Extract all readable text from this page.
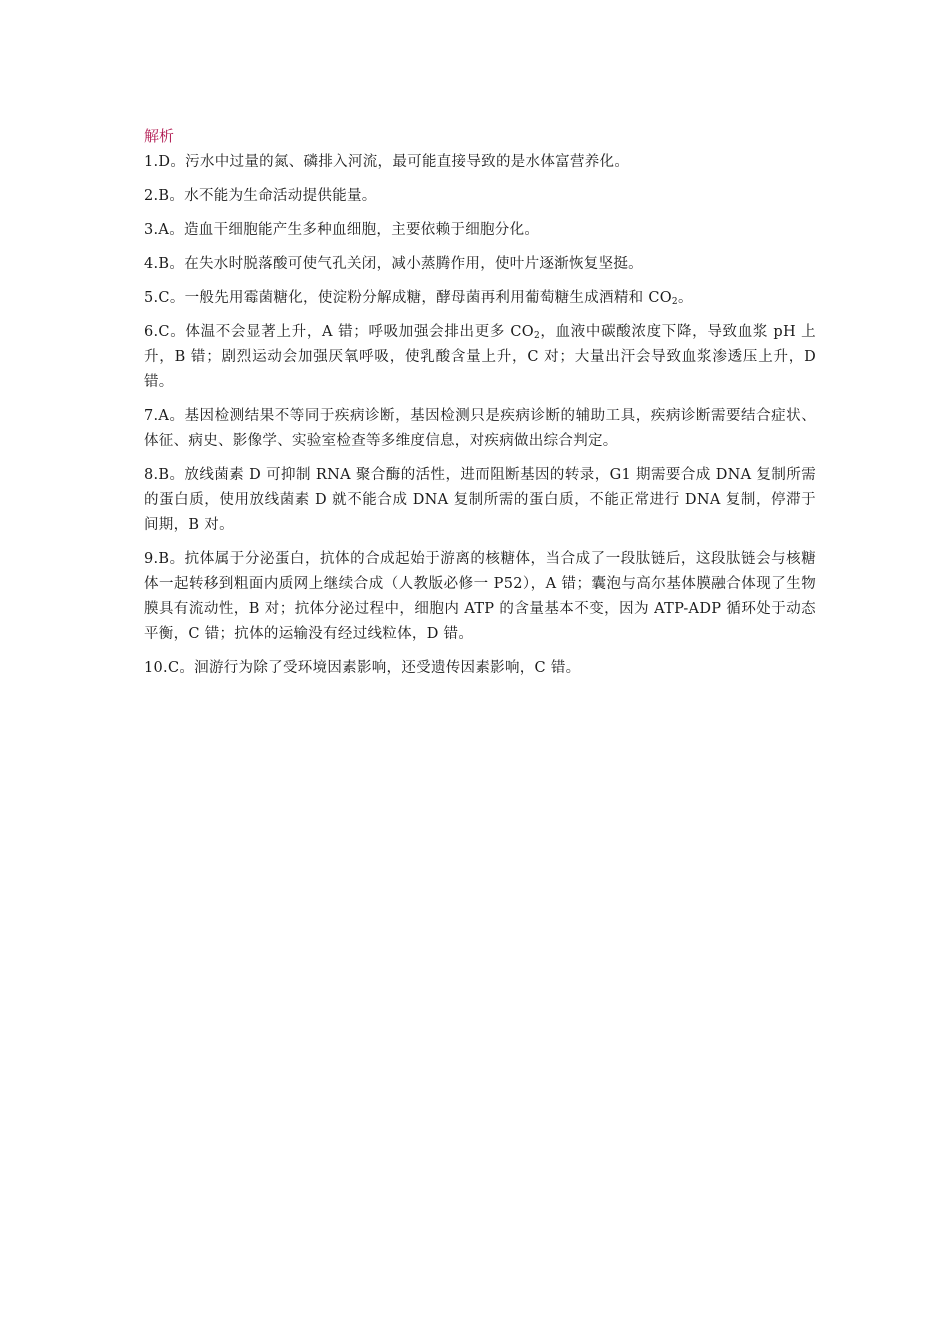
解析

1.D。污水中过量的氮、磷排入河流，最可能直接导致的是水体富营养化。

2.B。水不能为生命活动提供能量。

3.A。造血干细胞能产生多种血细胞，主要依赖于细胞分化。

4.B。在失水时脱落酸可使气孔关闭，减小蒸腾作用，使叶片逐渐恢复坚挺。

5.C。一般先用霉菌糖化，使淀粉分解成糖，酵母菌再利用葡萄糖生成酒精和 $CO_2$。

6.C。体温不会显著上升，A 错；呼吸加强会排出更多 $CO_2$，血液中碳酸浓度下降，导致血浆 pH 上升，B 错；剧烈运动会加强厌氧呼吸，使乳酸含量上升，C 对；大量出汗会导致血浆渗透压上升，D 错。

7.A。基因检测结果不等同于疾病诊断，基因检测只是疾病诊断的辅助工具，疾病诊断需要结合症状、体征、病史、影像学、实验室检查等多维度信息，对疾病做出综合判定。

8.B。放线菌素 D 可抑制 RNA 聚合酶的活性，进而阻断基因的转录，G1 期需要合成 DNA 复制所需的蛋白质，使用放线菌素 D 就不能合成 DNA 复制所需的蛋白质，不能正常进行 DNA 复制，停滞于间期，B 对。

9.B。抗体属于分泌蛋白，抗体的合成起始于游离的核糖体，当合成了一段肽链后，这段肽链会与核糖体一起转移到粗面内质网上继续合成（人教版必修一 P52），A 错；囊泡与高尔基体膜融合体现了生物膜具有流动性，B 对；抗体分泌过程中，细胞内 ATP 的含量基本不变，因为 ATP-ADP 循环处于动态平衡，C 错；抗体的运输没有经过线粒体，D 错。

10.C。洄游行为除了受环境因素影响，还受遗传因素影响，C 错。
